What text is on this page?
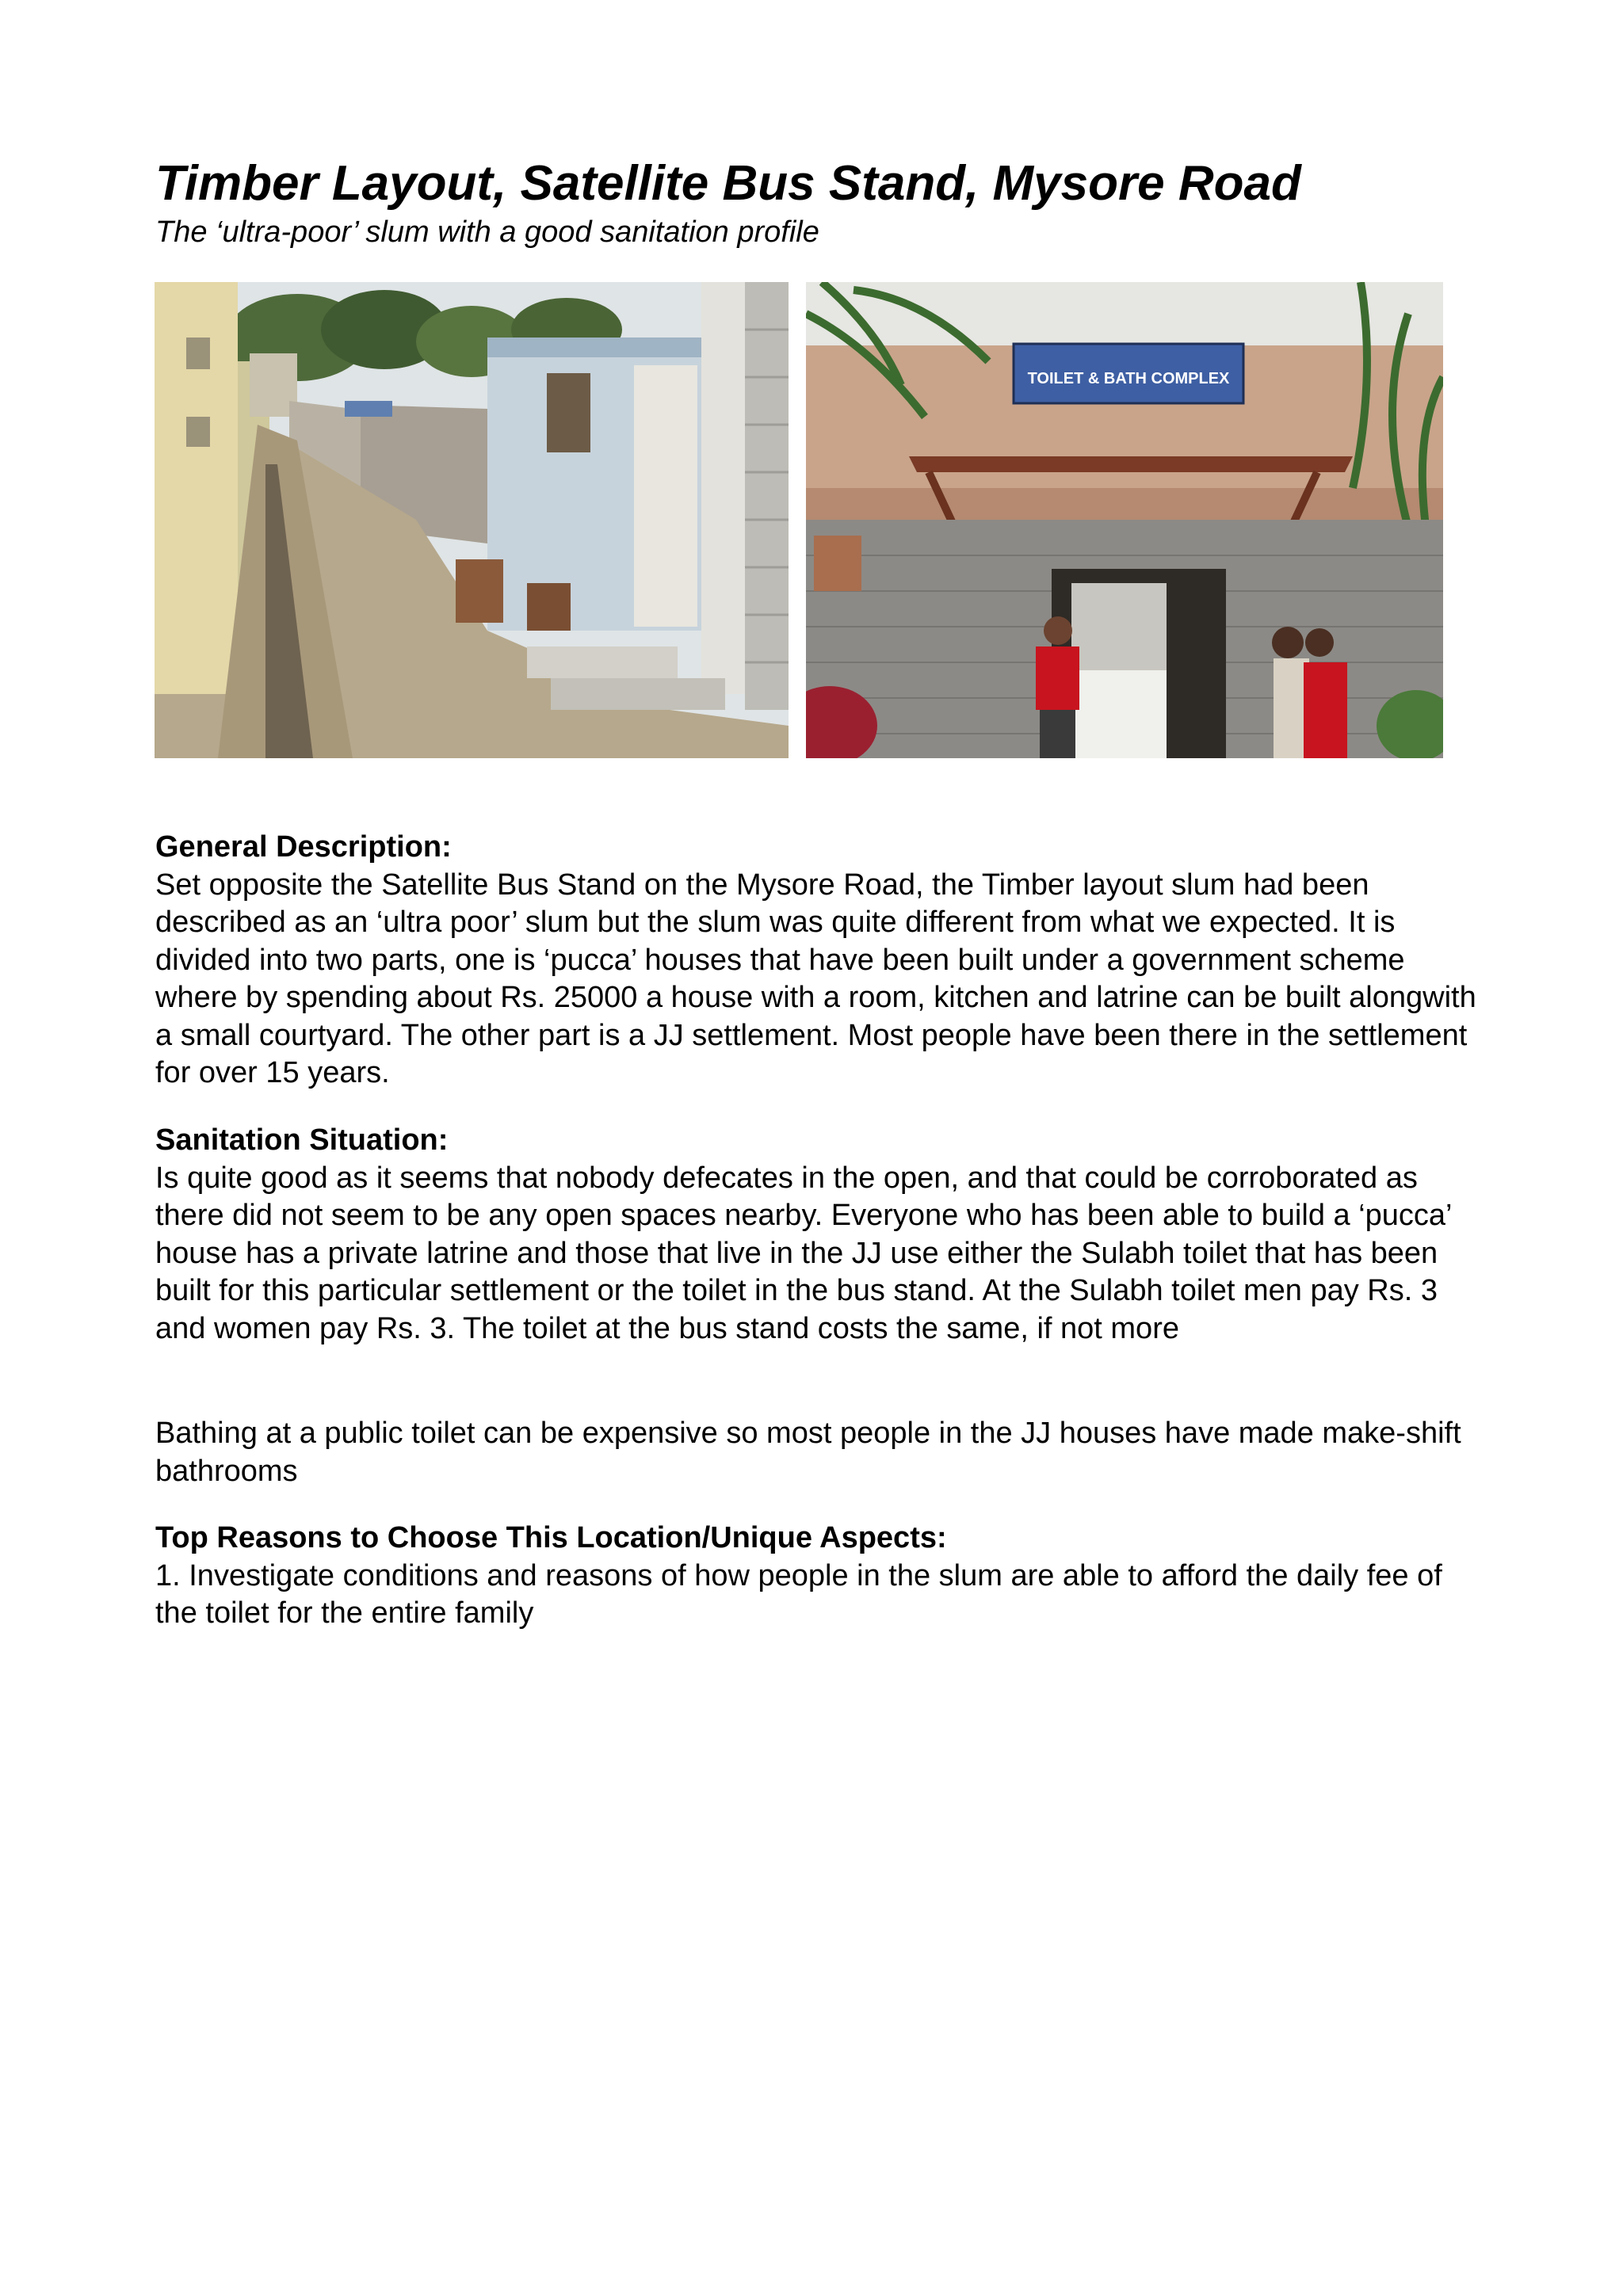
Timber Layout, Satellite Bus Stand, Mysore Road

The ‘ultra-poor’ slum with a good sanitation profile

TOILET & BATH COMPLEX

General Description:

Set opposite the Satellite Bus Stand on the Mysore Road, the Timber layout slum had been described as an ‘ultra poor’ slum but the slum was quite different from what we expected. It is divided into two parts, one is ‘pucca’ houses that have been built under a government scheme where by spending about Rs. 25000 a house with a room, kitchen and latrine can be built alongwith a small courtyard. The other part is a JJ settlement. Most people have been there in the settlement for over 15 years.

Sanitation Situation:

Is quite good as it seems that nobody defecates in the open, and that could be corroborated as there did not seem to be any open spaces nearby. Everyone who has been able to build a ‘pucca’ house has a private latrine and those that live in the JJ use either the Sulabh toilet that has been built for this particular settlement or the toilet in the bus stand. At the Sulabh toilet men pay Rs. 3 and women pay Rs. 3. The toilet at the bus stand costs the same, if not more

Bathing at a public toilet can be expensive so most people in the JJ houses have made make-shift bathrooms

Top Reasons to Choose This Location/Unique Aspects:

1. Investigate conditions and reasons of how people in the slum are able to afford the daily fee of the toilet for the entire family
